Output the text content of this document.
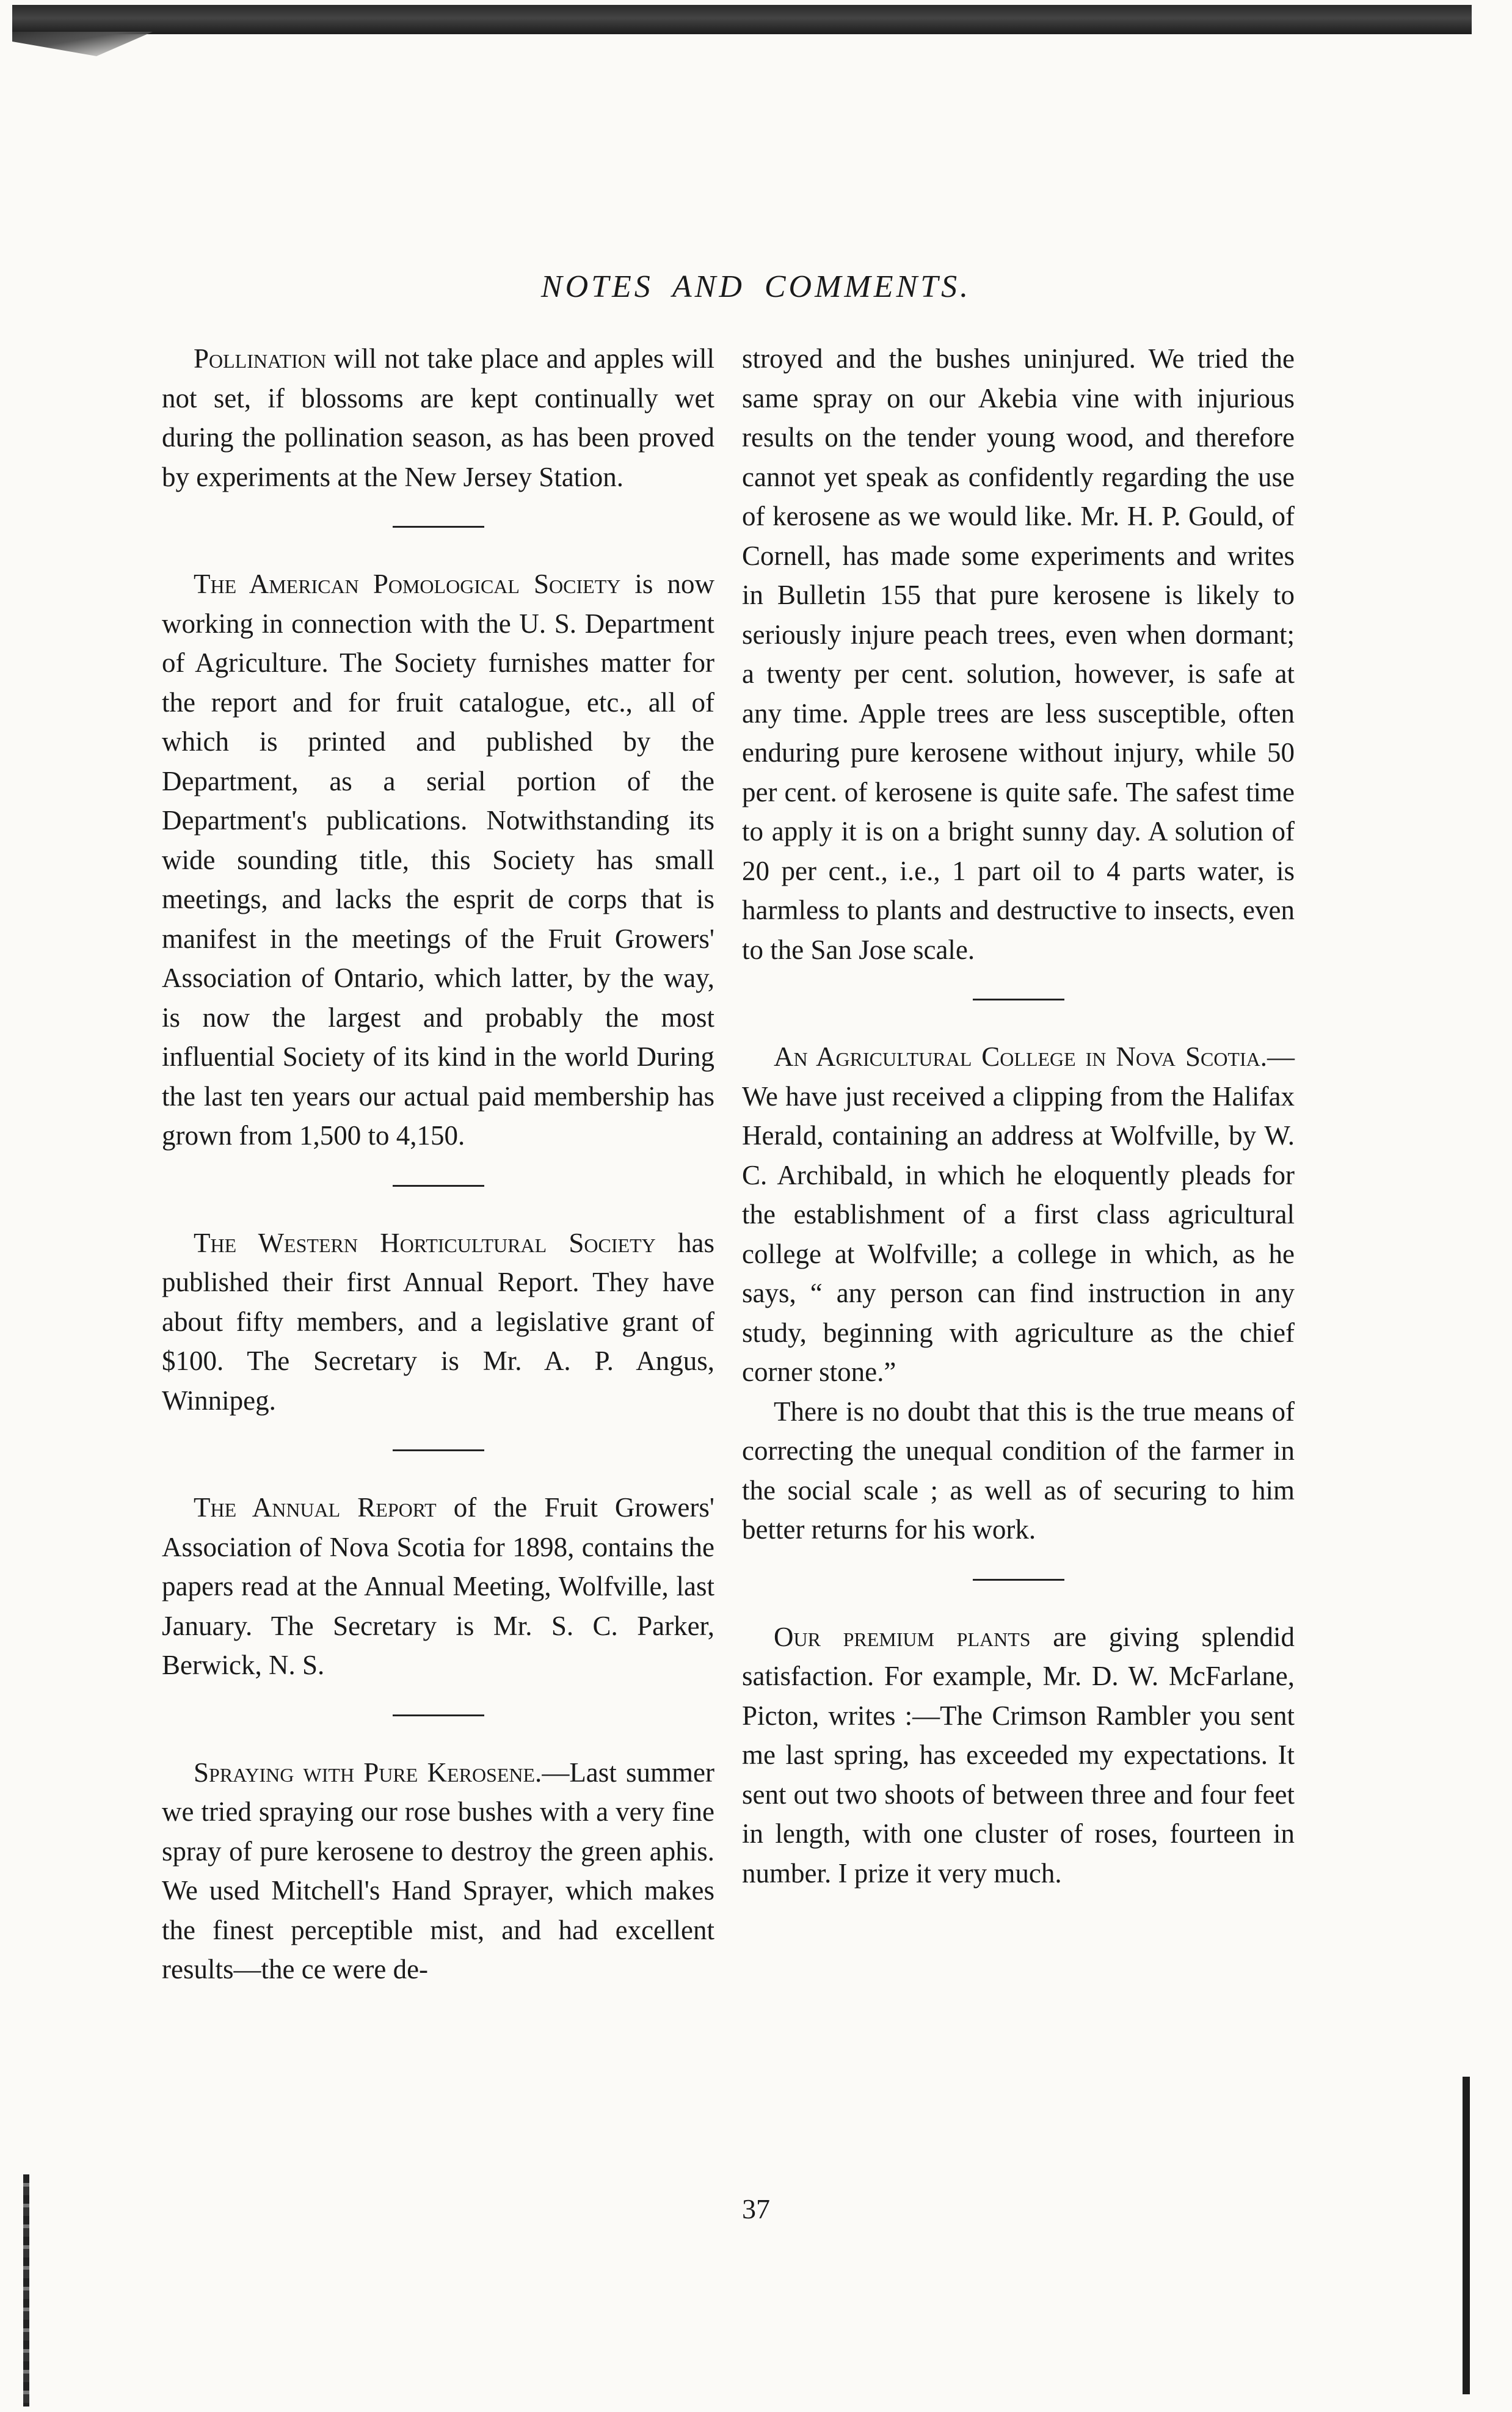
NOTES AND COMMENTS.

Pollination will not take place and apples will not set, if blossoms are kept continually wet during the pollination season, as has been proved by experiments at the New Jersey Station.

The American Pomological Society is now working in connection with the U. S. Department of Agriculture. The Society furnishes matter for the report and for fruit catalogue, etc., all of which is printed and published by the Department, as a serial portion of the Department's publications. Notwithstanding its wide sounding title, this Society has small meetings, and lacks the esprit de corps that is manifest in the meetings of the Fruit Growers' Association of Ontario, which latter, by the way, is now the largest and probably the most influential Society of its kind in the world During the last ten years our actual paid membership has grown from 1,500 to 4,150.

The Western Horticultural Society has published their first Annual Report. They have about fifty members, and a legislative grant of $100. The Secretary is Mr. A. P. Angus, Winnipeg.

The Annual Report of the Fruit Growers' Association of Nova Scotia for 1898, contains the papers read at the Annual Meeting, Wolfville, last January. The Secretary is Mr. S. C. Parker, Berwick, N. S.

Spraying with Pure Kerosene.—Last summer we tried spraying our rose bushes with a very fine spray of pure kerosene to destroy the green aphis. We used Mitchell's Hand Sprayer, which makes the finest perceptible mist, and had excellent results—the ce were de-

stroyed and the bushes uninjured. We tried the same spray on our Akebia vine with injurious results on the tender young wood, and therefore cannot yet speak as confidently regarding the use of kerosene as we would like. Mr. H. P. Gould, of Cornell, has made some experiments and writes in Bulletin 155 that pure kerosene is likely to seriously injure peach trees, even when dormant; a twenty per cent. solution, however, is safe at any time. Apple trees are less susceptible, often enduring pure kerosene without injury, while 50 per cent. of kerosene is quite safe. The safest time to apply it is on a bright sunny day. A solution of 20 per cent., i.e., 1 part oil to 4 parts water, is harmless to plants and destructive to insects, even to the San Jose scale.

An Agricultural College in Nova Scotia.—We have just received a clipping from the Halifax Herald, containing an address at Wolfville, by W. C. Archibald, in which he eloquently pleads for the establishment of a first class agricultural college at Wolfville; a college in which, as he says, “ any person can find instruction in any study, beginning with agriculture as the chief corner stone.”

There is no doubt that this is the true means of correcting the unequal condition of the farmer in the social scale ; as well as of securing to him better returns for his work.

Our premium plants are giving splendid satisfaction. For example, Mr. D. W. McFarlane, Picton, writes :—The Crimson Rambler you sent me last spring, has exceeded my expectations. It sent out two shoots of between three and four feet in length, with one cluster of roses, fourteen in number. I prize it very much.

37
